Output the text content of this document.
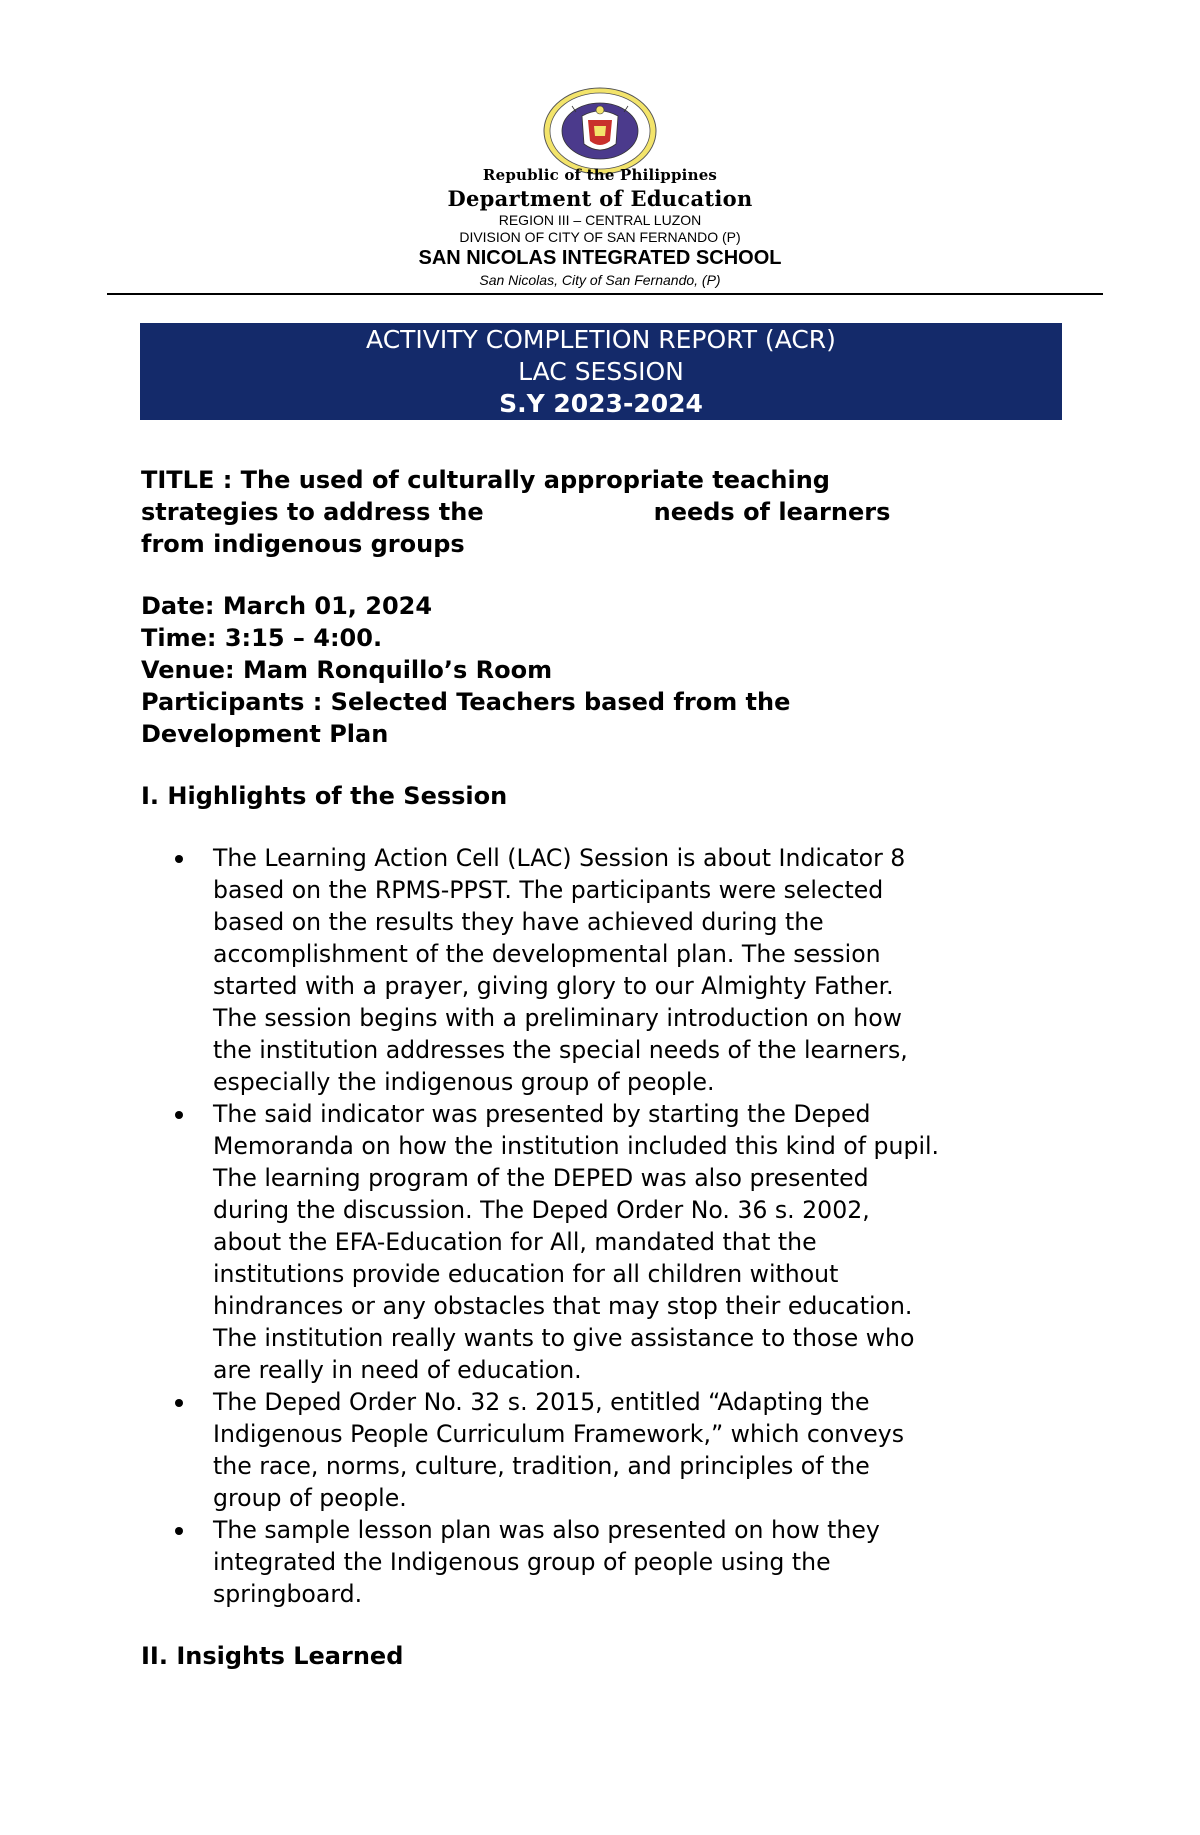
Republic of the Philippines
Department of Education
REGION III – CENTRAL LUZON
DIVISION OF CITY OF SAN FERNANDO (P)
SAN NICOLAS INTEGRATED SCHOOL
San Nicolas, City of San Fernando, (P)
ACTIVITY COMPLETION REPORT (ACR)
LAC SESSION
S.Y 2023-2024
TITLE : The used of culturally appropriate teaching
strategies to address the	needs of learners
from indigenous groups
Date: March 01, 2024
Time: 3:15 – 4:00.
Venue: Mam Ronquillo’s Room
Participants : Selected Teachers based from the
Development Plan
I. Highlights of the Session
The Learning Action Cell (LAC) Session is about Indicator 8
based on the RPMS-PPST. The participants were selected
based on the results they have achieved during the
accomplishment of the developmental plan. The session
started with a prayer, giving glory to our Almighty Father.
The session begins with a preliminary introduction on how
the institution addresses the special needs of the learners,
especially the indigenous group of people.
The said indicator was presented by starting the Deped
Memoranda on how the institution included this kind of pupil.
The learning program of the DEPED was also presented
during the discussion. The Deped Order No. 36 s. 2002,
about the EFA-Education for All, mandated that the
institutions provide education for all children without
hindrances or any obstacles that may stop their education.
The institution really wants to give assistance to those who
are really in need of education.
The Deped Order No. 32 s. 2015, entitled “Adapting the
Indigenous People Curriculum Framework,” which conveys
the race, norms, culture, tradition, and principles of the
group of people.
The sample lesson plan was also presented on how they
integrated the Indigenous group of people using the
springboard.
II. Insights Learned
